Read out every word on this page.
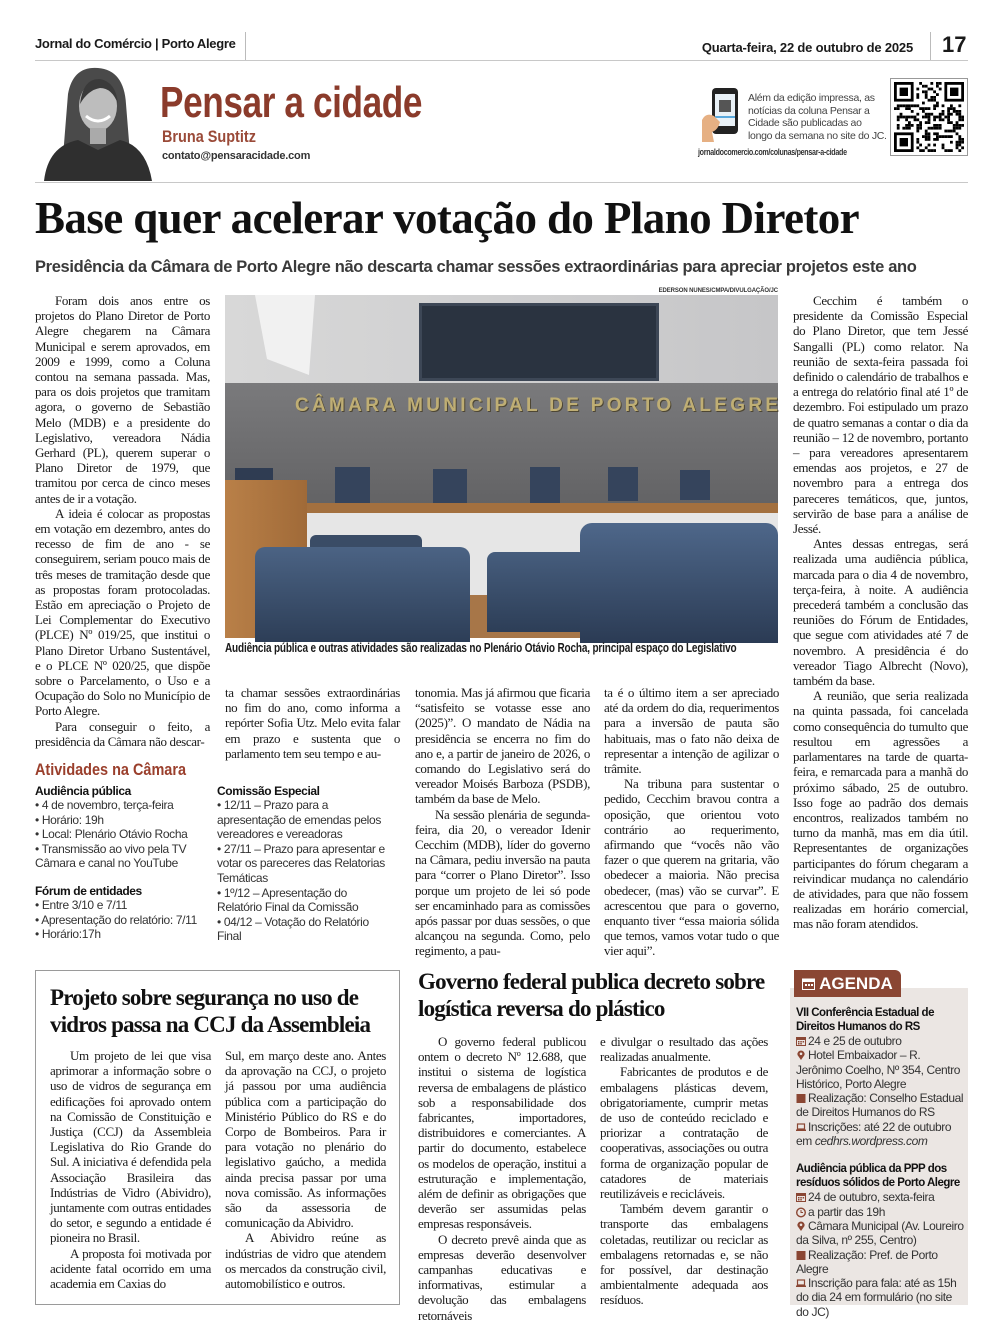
Jornal do Comércio | Porto Alegre	Quarta-feira, 22 de outubro de 2025 17
Pensar a cidade
Bruna Suptitz
contato@pensaracidade.com
Além da edição impressa, as notícias da coluna Pensar a Cidade são publicadas ao longo da semana no site do JC.
jornaldocomercio.com/colunas/pensar-a-cidade
Base quer acelerar votação do Plano Diretor
Presidência da Câmara de Porto Alegre não descarta chamar sessões extraordinárias para apreciar projetos este ano

Foram dois anos entre os projetos do Plano Diretor de Porto Alegre chegarem na Câmara Municipal e serem aprovados, em 2009 e 1999, como a Coluna contou na semana passada. Mas, para os dois projetos que tramitam agora, o governo de Sebastião Melo (MDB) e a presidente do Legislativo, vereadora Nádia Gerhard (PL), querem superar o Plano Diretor de 1979, que tramitou por cerca de cinco meses antes de ir a votação.

A ideia é colocar as propostas em votação em dezembro, antes do recesso de fim de ano - se conseguirem, seriam pouco mais de três meses de tramitação desde que as propostas foram protocoladas. Estão em apreciação o Projeto de Lei Complementar do Executivo (PLCE) Nº 019/25, que institui o Plano Diretor Urbano Sustentável, e o PLCE Nº 020/25, que dispõe sobre o Parcelamento, o Uso e a Ocupação do Solo no Município de Porto Alegre.

Para conseguir o feito, a presidência da Câmara não descar-

ta chamar sessões extraordinárias no fim do ano, como informa a repórter Sofia Utz. Melo evita falar em prazo e sustenta que o parlamento tem seu tempo e au-

tonomia. Mas já afirmou que ficaria “satisfeito se votasse esse ano (2025)”. O mandato de Nádia na presidência se encerra no fim do ano e, a partir de janeiro de 2026, o comando do Legislativo será do vereador Moisés Barboza (PSDB), também da base de Melo.

Na sessão plenária de segunda-feira, dia 20, o vereador Idenir Cecchim (MDB), líder do governo na Câmara, pediu inversão na pauta para “correr o Plano Diretor”. Isso porque um projeto de lei só pode ser encaminhado para as comissões após passar por duas sessões, o que alcançou na segunda. Como, pelo regimento, a pau-

ta é o último item a ser apreciado até da ordem do dia, requerimentos para a inversão de pauta são habituais, mas o fato não deixa de representar a intenção de agilizar o trâmite.

Na tribuna para sustentar o pedido, Cecchim bravou contra a oposição, que orientou voto contrário ao requerimento, afirmando que “vocês não vão fazer o que querem na gritaria, vão obedecer a maioria. Não precisa obedecer, (mas) vão se curvar”. E acrescentou que para o governo, enquanto tiver “essa maioria sólida que temos, vamos votar tudo o que vier aqui”.

Cecchim é também o presidente da Comissão Especial do Plano Diretor, que tem Jessé Sangalli (PL) como relator. Na reunião de sexta-feira passada foi definido o calendário de trabalhos e a entrega do relatório final até 1º de dezembro. Foi estipulado um prazo de quatro semanas a contar o dia da reunião – 12 de novembro, portanto – para vereadores apresentarem emendas aos projetos, e 27 de novembro para a entrega dos pareceres temáticos, que, juntos, servirão de base para a análise de Jessé.

Antes dessas entregas, será realizada uma audiência pública, marcada para o dia 4 de novembro, terça-feira, à noite. A audiência precederá também a conclusão das reuniões do Fórum de Entidades, que segue com atividades até 7 de novembro. A presidência é do vereador Tiago Albrecht (Novo), também da base.

A reunião, que seria realizada na quinta passada, foi cancelada como consequência do tumulto que resultou em agressões a parlamentares na tarde de quarta-feira, e remarcada para a manhã do próximo sábado, 25 de outubro. Isso foge ao padrão dos demais encontros, realizados também no turno da manhã, mas em dia útil. Representantes de organizações participantes do fórum chegaram a reivindicar mudança no calendário de atividades, para que não fossem realizadas em horário comercial, mas não foram atendidos.

EDERSON NUNES/CMPA/DIVULGAÇÃO/JC
CÂMARA MUNICIPAL DE PORTO ALEGRE
Audiência pública e outras atividades são realizadas no Plenário Otávio Rocha, principal espaço do Legislativo
Atividades na Câmara
Audiência pública
• 4 de novembro, terça-feira
• Horário: 19h
• Local: Plenário Otávio Rocha
• Transmissão ao vivo pela TV Câmara e canal no YouTube
Fórum de entidades
• Entre 3/10 e 7/11
• Apresentação do relatório: 7/11
• Horário:17h
Comissão Especial
• 12/11 – Prazo para a apresentação de emendas pelos vereadores e vereadoras
• 27/11 – Prazo para apresentar e votar os pareceres das Relatorias Temáticas
• 1º/12 – Apresentação do Relatório Final da Comissão
• 04/12 – Votação do Relatório Final
Projeto sobre segurança no uso de vidros passa na CCJ da Assembleia

Um projeto de lei que visa aprimorar a informação sobre o uso de vidros de segurança em edificações foi aprovado ontem na Comissão de Constituição e Justiça (CCJ) da Assembleia Legislativa do Rio Grande do Sul. A iniciativa é defendida pela Associação Brasileira das Indústrias de Vidro (Abividro), juntamente com outras entidades do setor, e segundo a entidade é pioneira no Brasil.

A proposta foi motivada por acidente fatal ocorrido em uma academia em Caxias do

Sul, em março deste ano. Antes da aprovação na CCJ, o projeto já passou por uma audiência pública com a participação do Ministério Público do RS e do Corpo de Bombeiros. Para ir para votação no plenário do legislativo gaúcho, a medida ainda precisa passar por uma nova comissão. As informações são da assessoria de comunicação da Abividro.

A Abividro reúne as indústrias de vidro que atendem os mercados da construção civil, automobilístico e outros.

Governo federal publica decreto sobre logística reversa do plástico

O governo federal publicou ontem o decreto Nº 12.688, que institui o sistema de logística reversa de embalagens de plástico sob a responsabilidade dos fabricantes, importadores, distribuidores e comerciantes. A partir do documento, estabelece os modelos de operação, institui a estruturação e implementação, além de definir as obrigações que deverão ser assumidas pelas empresas responsáveis.

O decreto prevê ainda que as empresas deverão desenvolver campanhas educativas e informativas, estimular a devolução das embalagens retornáveis

e divulgar o resultado das ações realizadas anualmente.

Fabricantes de produtos e de embalagens plásticas devem, obrigatoriamente, cumprir metas de uso de conteúdo reciclado e priorizar a contratação de cooperativas, associações ou outra forma de organização popular de catadores de materiais reutilizáveis e recicláveis.

Também devem garantir o transporte das embalagens coletadas, reutilizar ou reciclar as embalagens retornadas e, se não for possível, dar destinação ambientalmente adequada aos resíduos.

AGENDA
VII Conferência Estadual de Direitos Humanos do RS
24 e 25 de outubro
Hotel Embaixador – R. Jerônimo Coelho, Nº 354, Centro Histórico, Porto Alegre
Realização: Conselho Estadual de Direitos Humanos do RS
Inscrições: até 22 de outubro em cedhrs.wordpress.com
Audiência pública da PPP dos resíduos sólidos de Porto Alegre
24 de outubro, sexta-feira
a partir das 19h
Câmara Municipal (Av. Loureiro da Silva, nº 255, Centro)
Realização: Pref. de Porto Alegre
Inscrição para fala: até as 15h do dia 24 em formulário (no site do JC)
